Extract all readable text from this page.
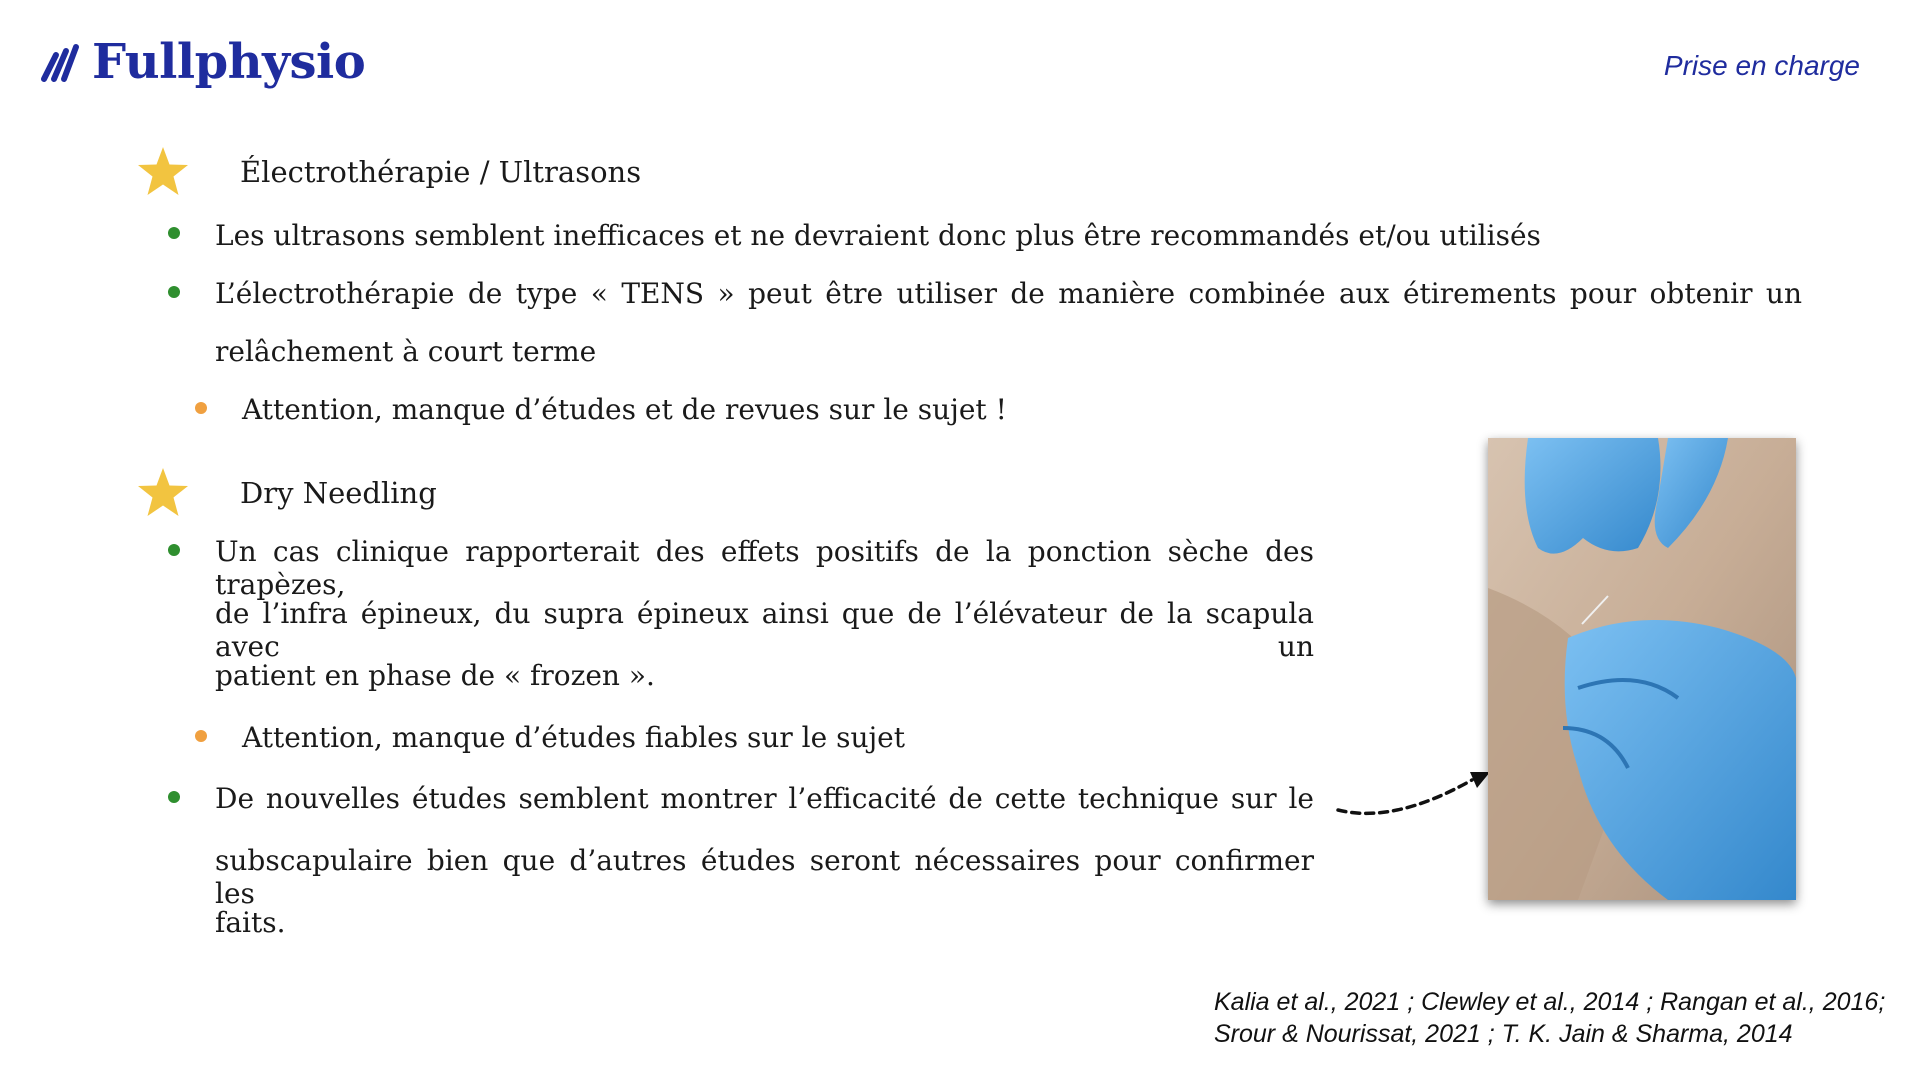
Fullphysio	Prise en charge
Électrothérapie / Ultrasons
Les ultrasons semblent inefficaces et ne devraient donc plus être recommandés et/ou utilisés
L’électrothérapie de type « TENS » peut être utiliser de manière combinée aux étirements pour obtenir un
relâchement à court terme
Attention, manque d’études et de revues sur le sujet !
Dry Needling
Un cas clinique rapporterait des effets positifs de la ponction sèche des trapèzes,
de l’infra épineux, du supra épineux ainsi que de l’élévateur de la scapula avec un
patient en phase de « frozen ».
Attention, manque d’études fiables sur le sujet
De nouvelles études semblent montrer l’efficacité de cette technique sur le
subscapulaire bien que d’autres études seront nécessaires pour confirmer les
faits.
Kalia et al., 2021 ; Clewley et al., 2014 ; Rangan et al., 2016;
Srour & Nourissat, 2021 ; T. K. Jain & Sharma, 2014
